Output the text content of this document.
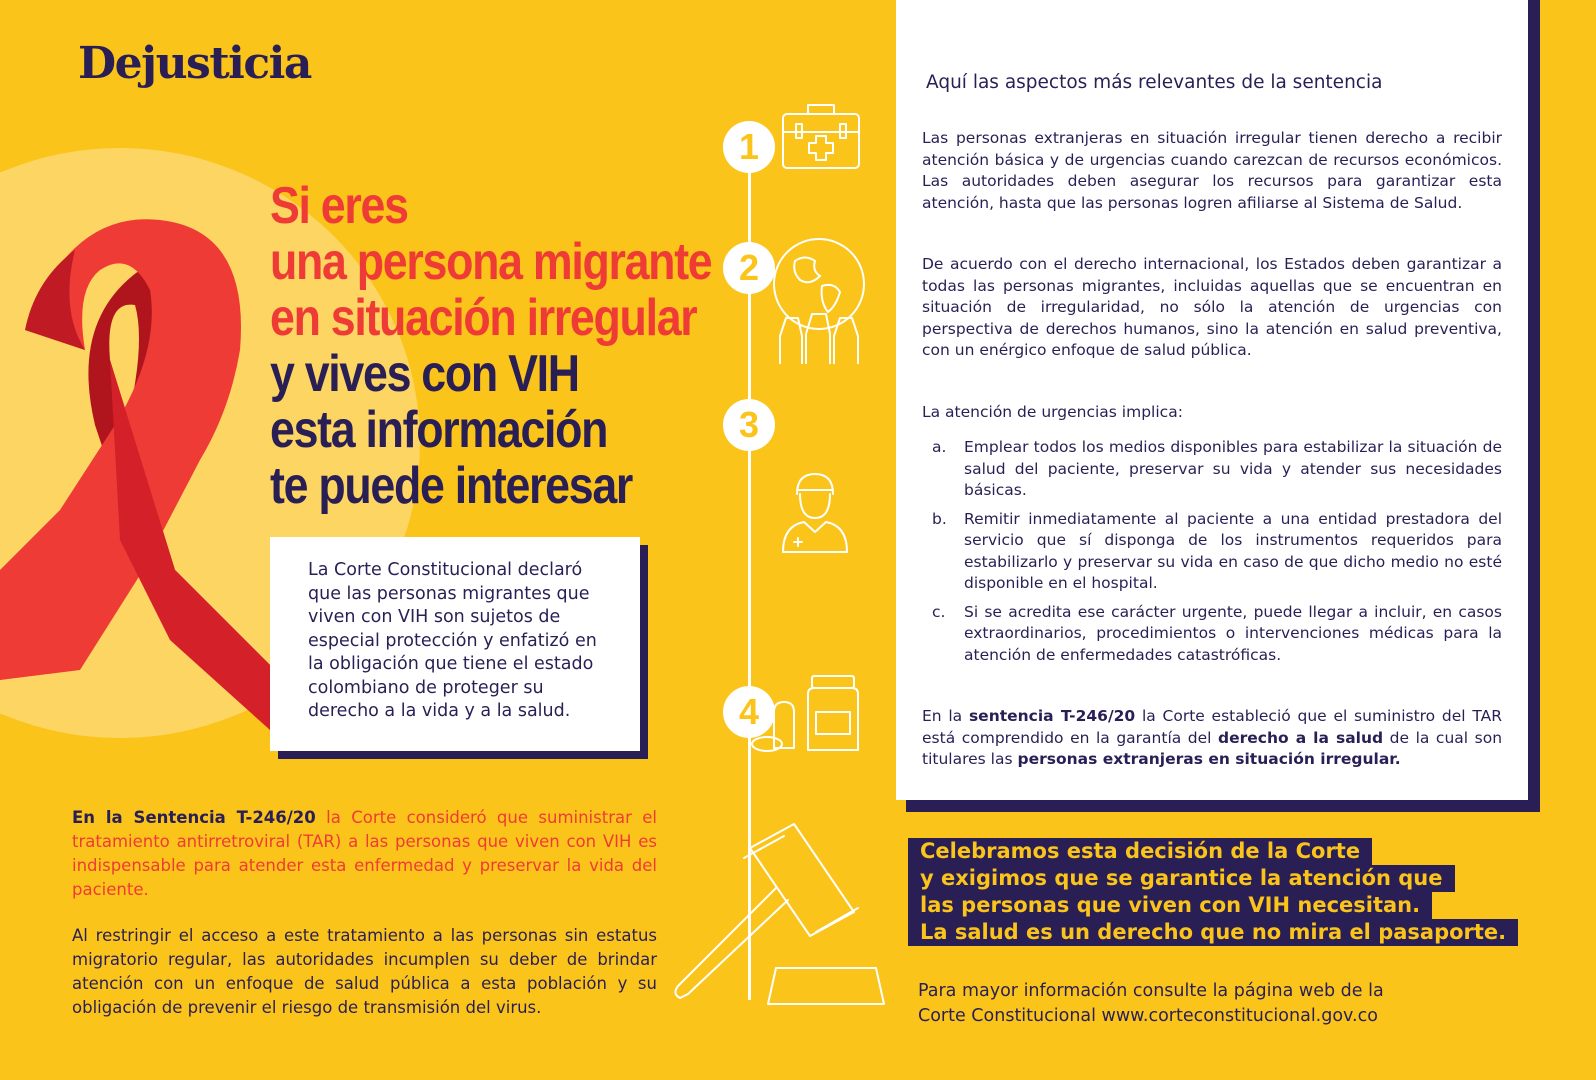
Dejusticia
Si eres
una persona migrante
en situación irregular
y vives con VIH
esta información
te puede interesar

La Corte Constitucional declaró que las personas migrantes que viven con VIH son sujetos de especial protección y enfatizó en la obligación que tiene el estado colombiano de proteger su derecho a la vida y a la salud.

En la Sentencia T-246/20 la Corte consideró que suministrar el tratamiento antirretroviral (TAR) a las personas que viven con VIH es indispensable para atender esta enfermedad y preservar la vida del paciente.
Al restringir el acceso a este tratamiento a las personas sin estatus migratorio regular, las autoridades incumplen su deber de brindar atención con un enfoque de salud pública a esta población y su obligación de prevenir el riesgo de transmisión del virus.
1
2
3
4
Aquí las aspectos más relevantes de la sentencia
Las personas extranjeras en situación irregular tienen derecho a recibir atención básica y de urgencias cuando carezcan de recursos económicos. Las autoridades deben asegurar los recursos para garantizar esta atención, hasta que las personas logren afiliarse al Sistema de Salud.
De acuerdo con el derecho internacional, los Estados deben garantizar a todas las personas migrantes, incluidas aquellas que se encuentran en situación de irregularidad, no sólo la atención de urgencias con perspectiva de derechos humanos, sino la atención en salud preventiva, con un enérgico enfoque de salud pública.
La atención de urgencias implica:
a.	Emplear todos los medios disponibles para estabilizar la situación de salud del paciente, preservar su vida y atender sus necesidades básicas.
b.	Remitir inmediatamente al paciente a una entidad prestadora del servicio que sí disponga de los instrumentos requeridos para estabilizarlo y preservar su vida en caso de que dicho medio no esté disponible en el hospital.
c.	Si se acredita ese carácter urgente, puede llegar a incluir, en casos extraordinarios, procedimientos o intervenciones médicas para la atención de enfermedades catastróficas.
En la sentencia T-246/20 la Corte estableció que el suministro del TAR está comprendido en la garantía del derecho a la salud de la cual son titulares las personas extranjeras en situación irregular.
Celebramos esta decisión de la Corte
y exigimos que se garantice la atención que
las personas que viven con VIH necesitan.
La salud es un derecho que no mira el pasaporte.
Para mayor información consulte la página web de la
Corte Constitucional www.corteconstitucional.gov.co
